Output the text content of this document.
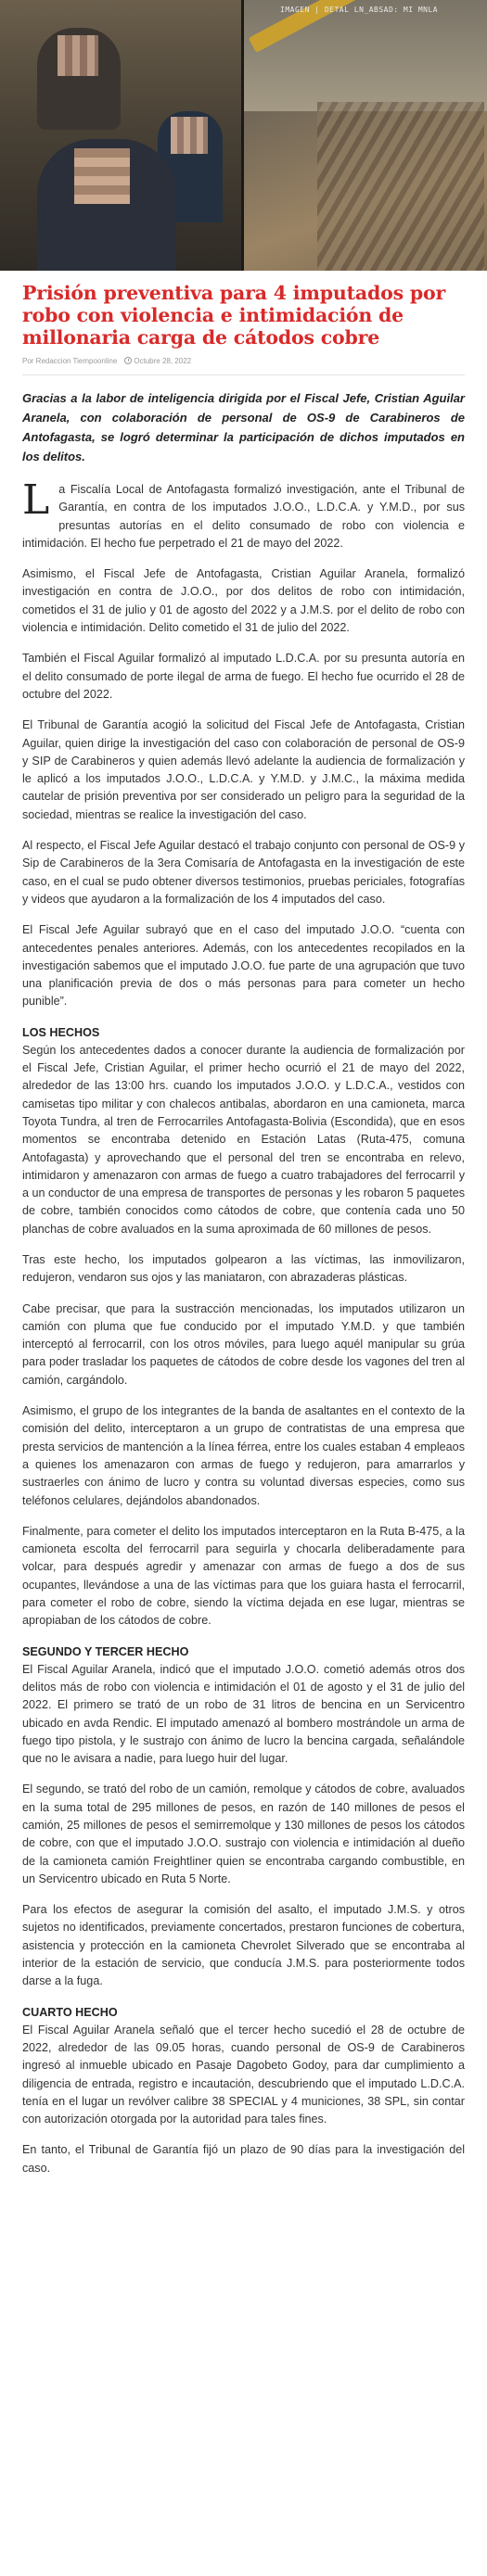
IMAGEN | DETAL LN_ABSAD: MI MNLA
Prisión preventiva para 4 imputados por robo con violencia e intimidación de millonaria carga de cátodos cobre
Por Redaccion Tiempoonline	Octubre 28, 2022

Gracias a la labor de inteligencia dirigida por el Fiscal Jefe, Cristian Aguilar Aranela, con colaboración de personal de OS-9 de Carabineros de Antofagasta, se logró determinar la participación de dichos imputados en los delitos.

La Fiscalía Local de Antofagasta formalizó investigación, ante el Tribunal de Garantía, en contra de los imputados J.O.O., L.D.C.A. y Y.M.D., por sus presuntas autorías en el delito consumado de robo con violencia e intimidación. El hecho fue perpetrado el 21 de mayo del 2022.

Asimismo, el Fiscal Jefe de Antofagasta, Cristian Aguilar Aranela, formalizó investigación en contra de J.O.O., por dos delitos de robo con intimidación, cometidos el 31 de julio y 01 de agosto del 2022 y a J.M.S. por el delito de robo con violencia e intimidación. Delito cometido el 31 de julio del 2022.

También el Fiscal Aguilar formalizó al imputado L.D.C.A. por su presunta autoría en el delito consumado de porte ilegal de arma de fuego. El hecho fue ocurrido el 28 de octubre del 2022.

El Tribunal de Garantía acogió la solicitud del Fiscal Jefe de Antofagasta, Cristian Aguilar, quien dirige la investigación del caso con colaboración de personal de OS-9 y SIP de Carabineros y quien además llevó adelante la audiencia de formalización y le aplicó a los imputados J.O.O., L.D.C.A. y Y.M.D. y J.M.C., la máxima medida cautelar de prisión preventiva por ser considerado un peligro para la seguridad de la sociedad, mientras se realice la investigación del caso.

Al respecto, el Fiscal Jefe Aguilar destacó el trabajo conjunto con personal de OS-9 y Sip de Carabineros de la 3era Comisaría de Antofagasta en la investigación de este caso, en el cual se pudo obtener diversos testimonios, pruebas periciales, fotografías y videos que ayudaron a la formalización de los 4 imputados del caso.

El Fiscal Jefe Aguilar subrayó que en el caso del imputado J.O.O. “cuenta con antecedentes penales anteriores. Además, con los antecedentes recopilados en la investigación sabemos que el imputado J.O.O. fue parte de una agrupación que tuvo una planificación previa de dos o más personas para para cometer un hecho punible”.

LOS HECHOS

Según los antecedentes dados a conocer durante la audiencia de formalización por el Fiscal Jefe, Cristian Aguilar, el primer hecho ocurrió el 21 de mayo del 2022, alrededor de las 13:00 hrs. cuando los imputados J.O.O. y L.D.C.A., vestidos con camisetas tipo militar y con chalecos antibalas, abordaron en una camioneta, marca Toyota Tundra, al tren de Ferrocarriles Antofagasta-Bolivia (Escondida), que en esos momentos se encontraba detenido en Estación Latas (Ruta-475, comuna Antofagasta) y aprovechando que el personal del tren se encontraba en relevo, intimidaron y amenazaron con armas de fuego a cuatro trabajadores del ferrocarril y a un conductor de una empresa de transportes de personas y les robaron 5 paquetes de cobre, también conocidos como cátodos de cobre, que contenía cada uno 50 planchas de cobre avaluados en la suma aproximada de 60 millones de pesos.

Tras este hecho, los imputados golpearon a las víctimas, las inmovilizaron, redujeron, vendaron sus ojos y las maniataron, con abrazaderas plásticas.

Cabe precisar, que para la sustracción mencionadas, los imputados utilizaron un camión con pluma que fue conducido por el imputado Y.M.D. y que también interceptó al ferrocarril, con los otros móviles, para luego aquél manipular su grúa para poder trasladar los paquetes de cátodos de cobre desde los vagones del tren al camión, cargándolo.

Asimismo, el grupo de los integrantes de la banda de asaltantes en el contexto de la comisión del delito, interceptaron a un grupo de contratistas de una empresa que presta servicios de mantención a la línea férrea, entre los cuales estaban 4 empleaos a quienes los amenazaron con armas de fuego y redujeron, para amarrarlos y sustraerles con ánimo de lucro y contra su voluntad diversas especies, como sus teléfonos celulares, dejándolos abandonados.

Finalmente, para cometer el delito los imputados interceptaron en la Ruta B-475, a la camioneta escolta del ferrocarril para seguirla y chocarla deliberadamente para volcar, para después agredir y amenazar con armas de fuego a dos de sus ocupantes, llevándose a una de las víctimas para que los guiara hasta el ferrocarril, para cometer el robo de cobre, siendo la víctima dejada en ese lugar, mientras se apropiaban de los cátodos de cobre.

SEGUNDO Y TERCER HECHO

El Fiscal Aguilar Aranela, indicó que el imputado J.O.O. cometió además otros dos delitos más de robo con violencia e intimidación el 01 de agosto y el 31 de julio del 2022. El primero se trató de un robo de 31 litros de bencina en un Servicentro ubicado en avda Rendic. El imputado amenazó al bombero mostrándole un arma de fuego tipo pistola, y le sustrajo con ánimo de lucro la bencina cargada, señalándole que no le avisara a nadie, para luego huir del lugar.

El segundo, se trató del robo de un camión, remolque y cátodos de cobre, avaluados en la suma total de 295 millones de pesos, en razón de 140 millones de pesos el camión, 25 millones de pesos el semirremolque y 130 millones de pesos los cátodos de cobre, con que el imputado J.O.O. sustrajo con violencia e intimidación al dueño de la camioneta camión Freightliner quien se encontraba cargando combustible, en un Servicentro ubicado en Ruta 5 Norte.

Para los efectos de asegurar la comisión del asalto, el imputado J.M.S. y otros sujetos no identificados, previamente concertados, prestaron funciones de cobertura, asistencia y protección en la camioneta Chevrolet Silverado que se encontraba al interior de la estación de servicio, que conducía J.M.S. para posteriormente todos darse a la fuga.

CUARTO HECHO

El Fiscal Aguilar Aranela señaló que el tercer hecho sucedió el 28 de octubre de 2022, alrededor de las 09.05 horas, cuando personal de OS-9 de Carabineros ingresó al inmueble ubicado en Pasaje Dagobeto Godoy, para dar cumplimiento a diligencia de entrada, registro e incautación, descubriendo que el imputado L.D.C.A. tenía en el lugar un revólver calibre 38 SPECIAL y 4 municiones, 38 SPL, sin contar con autorización otorgada por la autoridad para tales fines.

En tanto, el Tribunal de Garantía fijó un plazo de 90 días para la investigación del caso.
